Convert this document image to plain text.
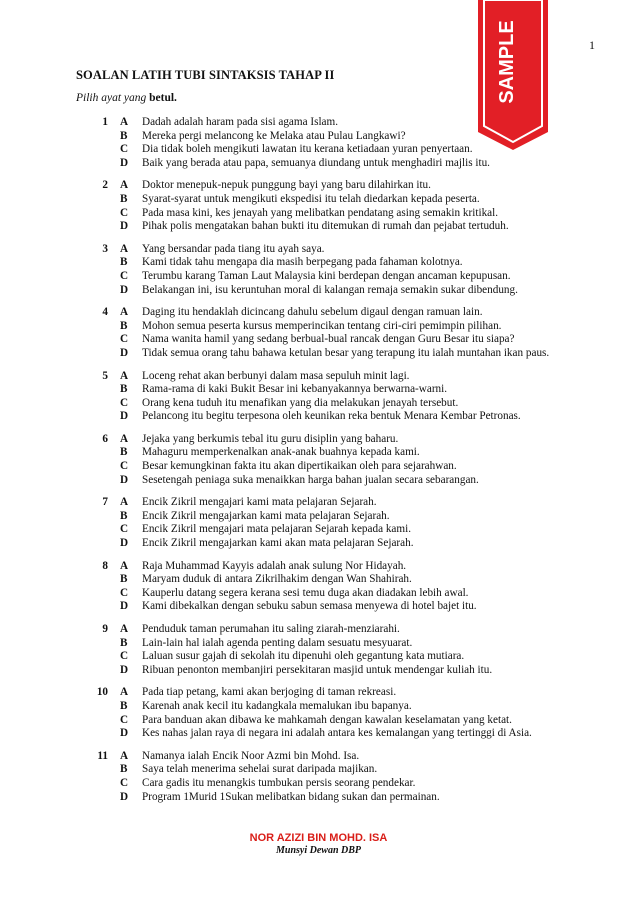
1
SAMPLE
SOALAN LATIH TUBI SINTAKSIS TAHAP II
Pilih ayat yang betul.
1	A	Dadah adalah haram pada sisi agama Islam.
B	Mereka pergi melancong ke Melaka atau Pulau Langkawi?
C	Dia tidak boleh mengikuti lawatan itu kerana ketiadaan yuran penyertaan.
D	Baik yang berada atau papa, semuanya diundang untuk menghadiri majlis itu.
2	A	Doktor menepuk-nepuk punggung bayi yang baru dilahirkan itu.
B	Syarat-syarat untuk mengikuti ekspedisi itu telah diedarkan kepada peserta.
C	Pada masa kini, kes jenayah yang melibatkan pendatang asing semakin kritikal.
D	Pihak polis mengatakan bahan bukti itu ditemukan di rumah dan pejabat tertuduh.
3	A	Yang bersandar pada tiang itu ayah saya.
B	Kami tidak tahu mengapa dia masih berpegang pada fahaman kolotnya.
C	Terumbu karang Taman Laut Malaysia kini berdepan dengan ancaman kepupusan.
D	Belakangan ini, isu keruntuhan moral di kalangan remaja semakin sukar dibendung.
4	A	Daging itu hendaklah dicincang dahulu sebelum digaul dengan ramuan lain.
B	Mohon semua peserta kursus memperincikan tentang ciri-ciri pemimpin pilihan.
C	Nama wanita hamil yang sedang berbual-bual rancak dengan Guru Besar itu siapa?
D	Tidak semua orang tahu bahawa ketulan besar yang terapung itu ialah muntahan ikan paus.
5	A	Loceng rehat akan berbunyi dalam masa sepuluh minit lagi.
B	Rama-rama di kaki Bukit Besar ini kebanyakannya berwarna-warni.
C	Orang kena tuduh itu menafikan yang dia melakukan jenayah tersebut.
D	Pelancong itu begitu terpesona oleh keunikan reka bentuk Menara Kembar Petronas.
6	A	Jejaka yang berkumis tebal itu guru disiplin yang baharu.
B	Mahaguru memperkenalkan anak-anak buahnya kepada kami.
C	Besar kemungkinan fakta itu akan dipertikaikan oleh para sejarahwan.
D	Sesetengah peniaga suka menaikkan harga bahan jualan secara sebarangan.
7	A	Encik Zikril mengajari kami mata pelajaran Sejarah.
B	Encik Zikril mengajarkan kami mata pelajaran Sejarah.
C	Encik Zikril mengajari mata pelajaran Sejarah kepada kami.
D	Encik Zikril mengajarkan kami akan mata pelajaran Sejarah.
8	A	Raja Muhammad Kayyis adalah anak sulung Nor Hidayah.
B	Maryam duduk di antara Zikrilhakim dengan Wan Shahirah.
C	Kauperlu datang segera kerana sesi temu duga akan diadakan lebih awal.
D	Kami dibekalkan dengan sebuku sabun semasa menyewa di hotel bajet itu.
9	A	Penduduk taman perumahan itu saling ziarah-menziarahi.
B	Lain-lain hal ialah agenda penting dalam sesuatu mesyuarat.
C	Laluan susur gajah di sekolah itu dipenuhi oleh gegantung kata mutiara.
D	Ribuan penonton membanjiri persekitaran masjid untuk mendengar kuliah itu.
10	A	Pada tiap petang, kami akan berjoging di taman rekreasi.
B	Karenah anak kecil itu kadangkala memalukan ibu bapanya.
C	Para banduan akan dibawa ke mahkamah dengan kawalan keselamatan yang ketat.
D	Kes nahas jalan raya di negara ini adalah antara kes kemalangan yang tertinggi di Asia.
11	A	Namanya ialah Encik Noor Azmi bin Mohd. Isa.
B	Saya telah menerima sehelai surat daripada majikan.
C	Cara gadis itu menangkis tumbukan persis seorang pendekar.
D	Program 1Murid 1Sukan melibatkan bidang sukan dan permainan.
NOR AZIZI BIN MOHD. ISA
Munsyi Dewan DBP
